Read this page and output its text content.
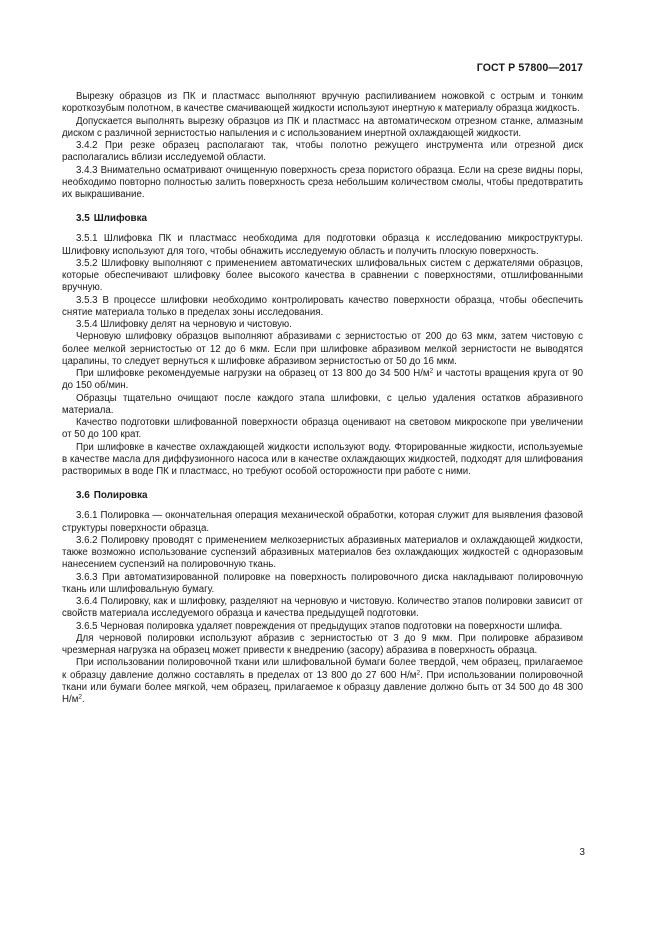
ГОСТ Р 57800—2017

Вырезку образцов из ПК и пластмасс выполняют вручную распиливанием ножовкой с острым и тонким короткозубым полотном, в качестве смачивающей жидкости используют инертную к материалу образца жидкость.

Допускается выполнять вырезку образцов из ПК и пластмасс на автоматическом отрезном станке, алмазным диском с различной зернистостью напыления и с использованием инертной охлаждающей жидкости.

3.4.2 При резке образец располагают так, чтобы полотно режущего инструмента или отрезной диск располагались вблизи исследуемой области.

3.4.3 Внимательно осматривают очищенную поверхность среза пористого образца. Если на срезе видны поры, необходимо повторно полностью залить поверхность среза небольшим количеством смолы, чтобы предотвратить их выкрашивание.

3.5 Шлифовка

3.5.1 Шлифовка ПК и пластмасс необходима для подготовки образца к исследованию микроструктуры. Шлифовку используют для того, чтобы обнажить исследуемую область и получить плоскую поверхность.

3.5.2 Шлифовку выполняют с применением автоматических шлифовальных систем с держателями образцов, которые обеспечивают шлифовку более высокого качества в сравнении с поверхностями, отшлифованными вручную.

3.5.3 В процессе шлифовки необходимо контролировать качество поверхности образца, чтобы обеспечить снятие материала только в пределах зоны исследования.

3.5.4 Шлифовку делят на черновую и чистовую.

Черновую шлифовку образцов выполняют абразивами с зернистостью от 200 до 63 мкм, затем чистовую с более мелкой зернистостью от 12 до 6 мкм. Если при шлифовке абразивом мелкой зернистости не выводятся царапины, то следует вернуться к шлифовке абразивом зернистостью от 50 до 16 мкм.

При шлифовке рекомендуемые нагрузки на образец от 13 800 до 34 500 $Н/м^2$ и частоты вращения круга от 90 до 150 об/мин.

Образцы тщательно очищают после каждого этапа шлифовки, с целью удаления остатков абразивного материала.

Качество подготовки шлифованной поверхности образца оценивают на световом микроскопе при увеличении от 50 до 100 крат.

При шлифовке в качестве охлаждающей жидкости используют воду. Фторированные жидкости, используемые в качестве масла для диффузионного насоса или в качестве охлаждающих жидкостей, подходят для шлифования растворимых в воде ПК и пластмасс, но требуют особой осторожности при работе с ними.

3.6 Полировка

3.6.1 Полировка — окончательная операция механической обработки, которая служит для выявления фазовой структуры поверхности образца.

3.6.2 Полировку проводят с применением мелкозернистых абразивных материалов и охлаждающей жидкости, также возможно использование суспензий абразивных материалов без охлаждающих жидкостей с одноразовым нанесением суспензий на полировочную ткань.

3.6.3 При автоматизированной полировке на поверхность полировочного диска накладывают полировочную ткань или шлифовальную бумагу.

3.6.4 Полировку, как и шлифовку, разделяют на черновую и чистовую. Количество этапов полировки зависит от свойств материала исследуемого образца и качества предыдущей подготовки.

3.6.5 Черновая полировка удаляет повреждения от предыдущих этапов подготовки на поверхности шлифа.

Для черновой полировки используют абразив с зернистостью от 3 до 9 мкм. При полировке абразивом чрезмерная нагрузка на образец может привести к внедрению (засору) абразива в поверхность образца.

При использовании полировочной ткани или шлифовальной бумаги более твердой, чем образец, прилагаемое к образцу давление должно составлять в пределах от 13 800 до 27 600 $Н/м^2$. При использовании полировочной ткани или бумаги более мягкой, чем образец, прилагаемое к образцу давление должно быть от 34 500 до 48 300 $Н/м^2$.

3
